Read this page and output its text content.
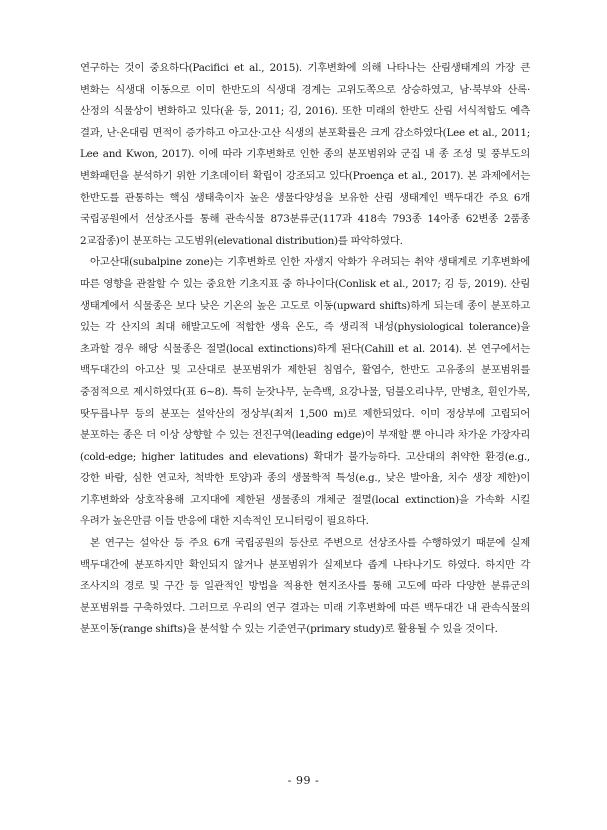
연구하는 것이 중요하다(Pacifici et al., 2015). 기후변화에 의해 나타나는 산림생태계의 가장 큰 변화는 식생대 이동으로 이미 한반도의 식생대 경계는 고위도쪽으로 상승하였고, 남·북부와 산록·산정의 식물상이 변화하고 있다(윤 등, 2011; 김, 2016). 또한 미래의 한반도 산림 서식적합도 예측 결과, 난·온대림 면적이 증가하고 아고산·고산 식생의 분포확률은 크게 감소하였다(Lee et al., 2011; Lee and Kwon, 2017). 이에 따라 기후변화로 인한 종의 분포범위와 군집 내 종 조성 및 풍부도의 변화패턴을 분석하기 위한 기초데이터 확립이 강조되고 있다(Proença et al., 2017). 본 과제에서는 한반도를 관통하는 핵심 생태축이자 높은 생물다양성을 보유한 산림 생태계인 백두대간 주요 6개 국립공원에서 선상조사를 통해 관속식물 873분류군(117과 418속 793종 14아종 62변종 2품종 2교잡종)이 분포하는 고도범위(elevational distribution)를 파악하였다.

아고산대(subalpine zone)는 기후변화로 인한 자생지 악화가 우려되는 취약 생태계로 기후변화에 따른 영향을 관찰할 수 있는 중요한 기초지표 중 하나이다(Conlisk et al., 2017; 김 등, 2019). 산림 생태계에서 식물종은 보다 낮은 기온의 높은 고도로 이동(upward shifts)하게 되는데 종이 분포하고 있는 각 산지의 최대 해발고도에 적합한 생육 온도, 즉 생리적 내성(physiological tolerance)을 초과할 경우 해당 식물종은 절멸(local extinctions)하게 된다(Cahill et al. 2014). 본 연구에서는 백두대간의 아고산 및 고산대로 분포범위가 제한된 침엽수, 활엽수, 한반도 고유종의 분포범위를 중점적으로 제시하였다(표 6~8). 특히 눈잣나무, 눈측백, 요강나물, 덤불오리나무, 만병초, 흰인가목, 땃두릅나무 등의 분포는 설악산의 정상부(최저 1,500 m)로 제한되었다. 이미 정상부에 고립되어 분포하는 종은 더 이상 상향할 수 있는 전진구역(leading edge)이 부재할 뿐 아니라 차가운 가장자리(cold-edge; higher latitudes and elevations) 확대가 불가능하다. 고산대의 취약한 환경(e.g., 강한 바람, 심한 연교차, 척박한 토양)과 종의 생물학적 특성(e.g., 낮은 발아율, 치수 생장 제한)이 기후변화와 상호작용해 고지대에 제한된 생물종의 개체군 절멸(local extinction)을 가속화 시킬 우려가 높은만큼 이들 반응에 대한 지속적인 모니터링이 필요하다.

본 연구는 설악산 등 주요 6개 국립공원의 등산로 주변으로 선상조사를 수행하였기 때문에 실제 백두대간에 분포하지만 확인되지 않거나 분포범위가 실제보다 좁게 나타나기도 하였다. 하지만 각 조사지의 경로 및 구간 등 일관적인 방법을 적용한 현지조사를 통해 고도에 따라 다양한 분류군의 분포범위를 구축하였다. 그러므로 우리의 연구 결과는 미래 기후변화에 따른 백두대간 내 관속식물의 분포이동(range shifts)을 분석할 수 있는 기준연구(primary study)로 활용될 수 있을 것이다.

- 99 -
